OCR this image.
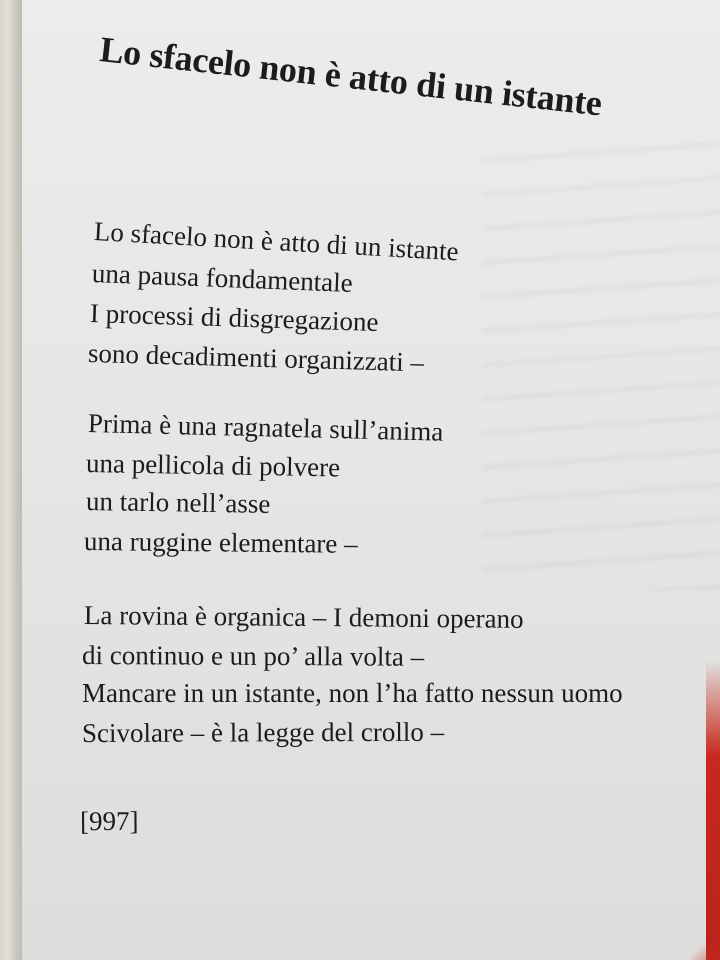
Lo sfacelo non è atto di un istante
Lo sfacelo non è atto di un istante
una pausa fondamentale
I processi di disgregazione
sono decadimenti organizzati –
Prima è una ragnatela sull’anima
una pellicola di polvere
un tarlo nell’asse
una ruggine elementare –
La rovina è organica – I demoni operano
di continuo e un po’ alla volta –
Mancare in un istante, non l’ha fatto nessun uomo
Scivolare – è la legge del crollo –
[997]
